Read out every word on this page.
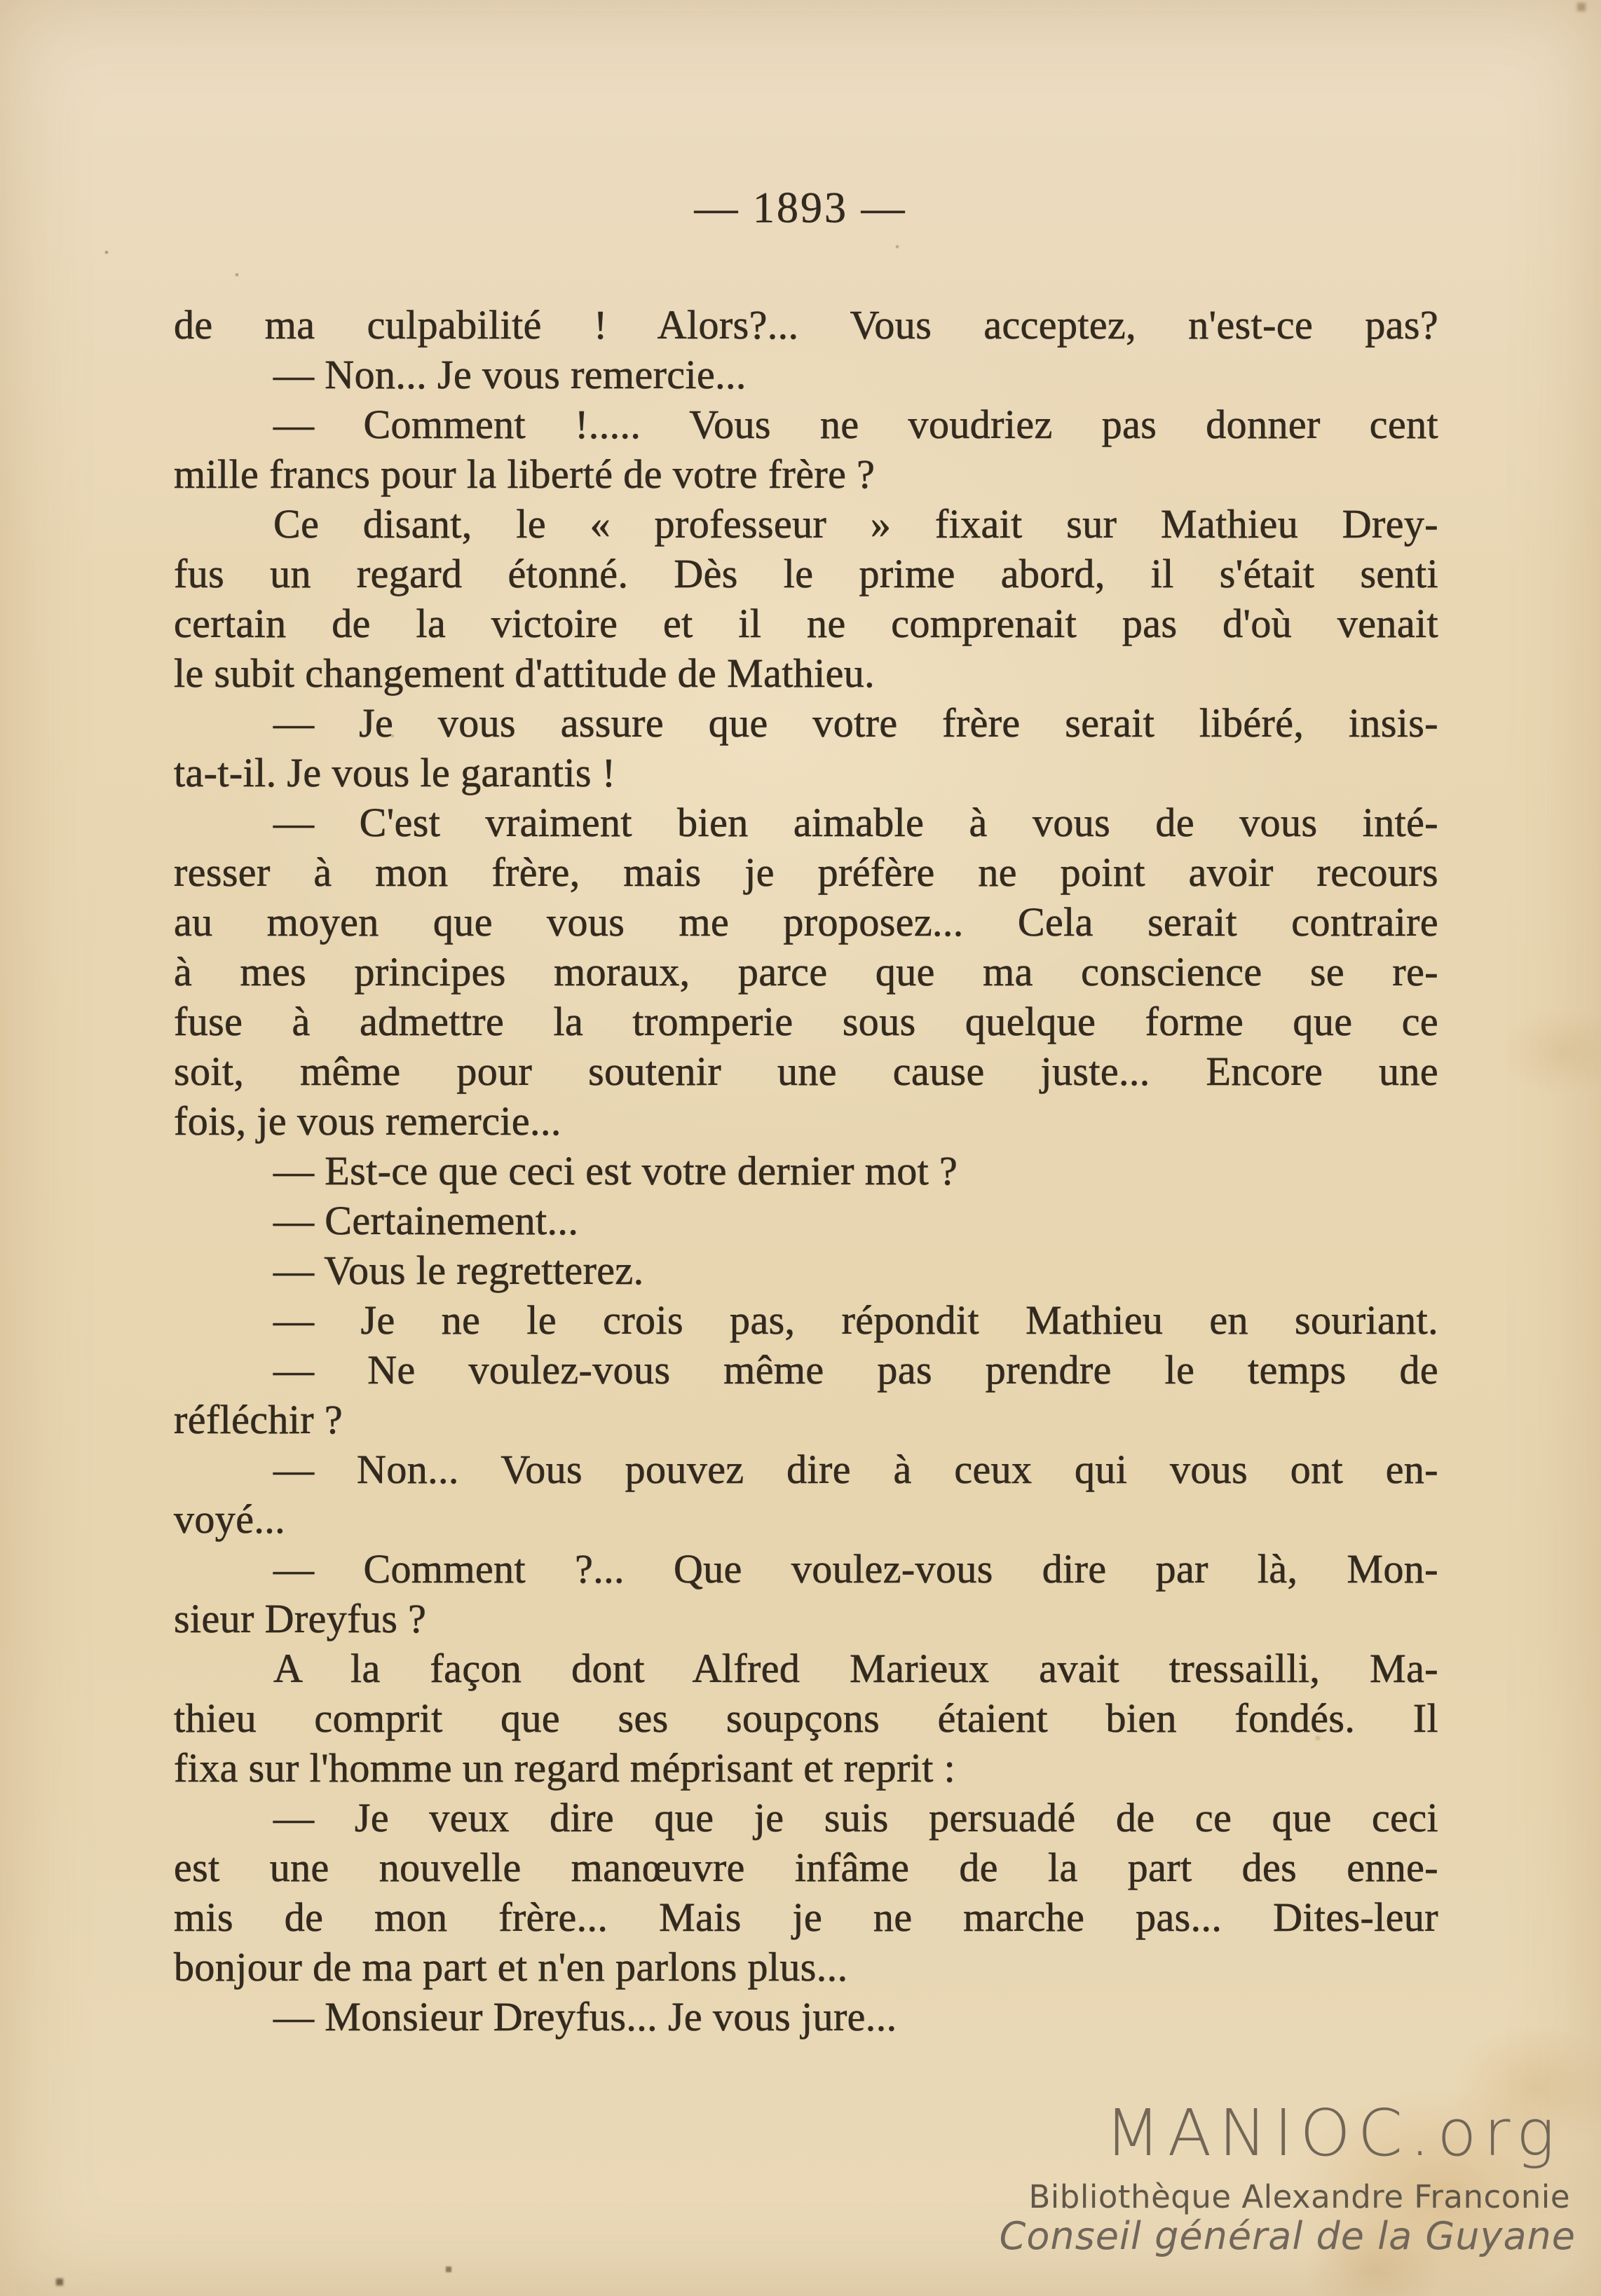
— 1893 —
de ma culpabilité ! Alors?... Vous acceptez, n'est-ce pas?
— Non... Je vous remercie...
— Comment !..... Vous ne voudriez pas donner cent
mille francs pour la liberté de votre frère ?
Ce disant, le « professeur » fixait sur Mathieu Drey-
fus un regard étonné. Dès le prime abord, il s'était senti
certain de la victoire et il ne comprenait pas d'où venait
le subit changement d'attitude de Mathieu.
— Je vous assure que votre frère serait libéré, insis-
ta-t-il. Je vous le garantis !
— C'est vraiment bien aimable à vous de vous inté-
resser à mon frère, mais je préfère ne point avoir recours
au moyen que vous me proposez... Cela serait contraire
à mes principes moraux, parce que ma conscience se re-
fuse à admettre la tromperie sous quelque forme que ce
soit, même pour soutenir une cause juste... Encore une
fois, je vous remercie...
— Est-ce que ceci est votre dernier mot ?
— Certainement...
— Vous le regretterez.
— Je ne le crois pas, répondit Mathieu en souriant.
— Ne voulez-vous même pas prendre le temps de
réfléchir ?
— Non... Vous pouvez dire à ceux qui vous ont en-
voyé...
— Comment ?... Que voulez-vous dire par là, Mon-
sieur Dreyfus ?
A la façon dont Alfred Marieux avait tressailli, Ma-
thieu comprit que ses soupçons étaient bien fondés. Il
fixa sur l'homme un regard méprisant et reprit :
— Je veux dire que je suis persuadé de ce que ceci
est une nouvelle manœuvre infâme de la part des enne-
mis de mon frère... Mais je ne marche pas... Dites-leur
bonjour de ma part et n'en parlons plus...
— Monsieur Dreyfus... Je vous jure...
MANIOC.org
Bibliothèque Alexandre Franconie
Conseil général de la Guyane
